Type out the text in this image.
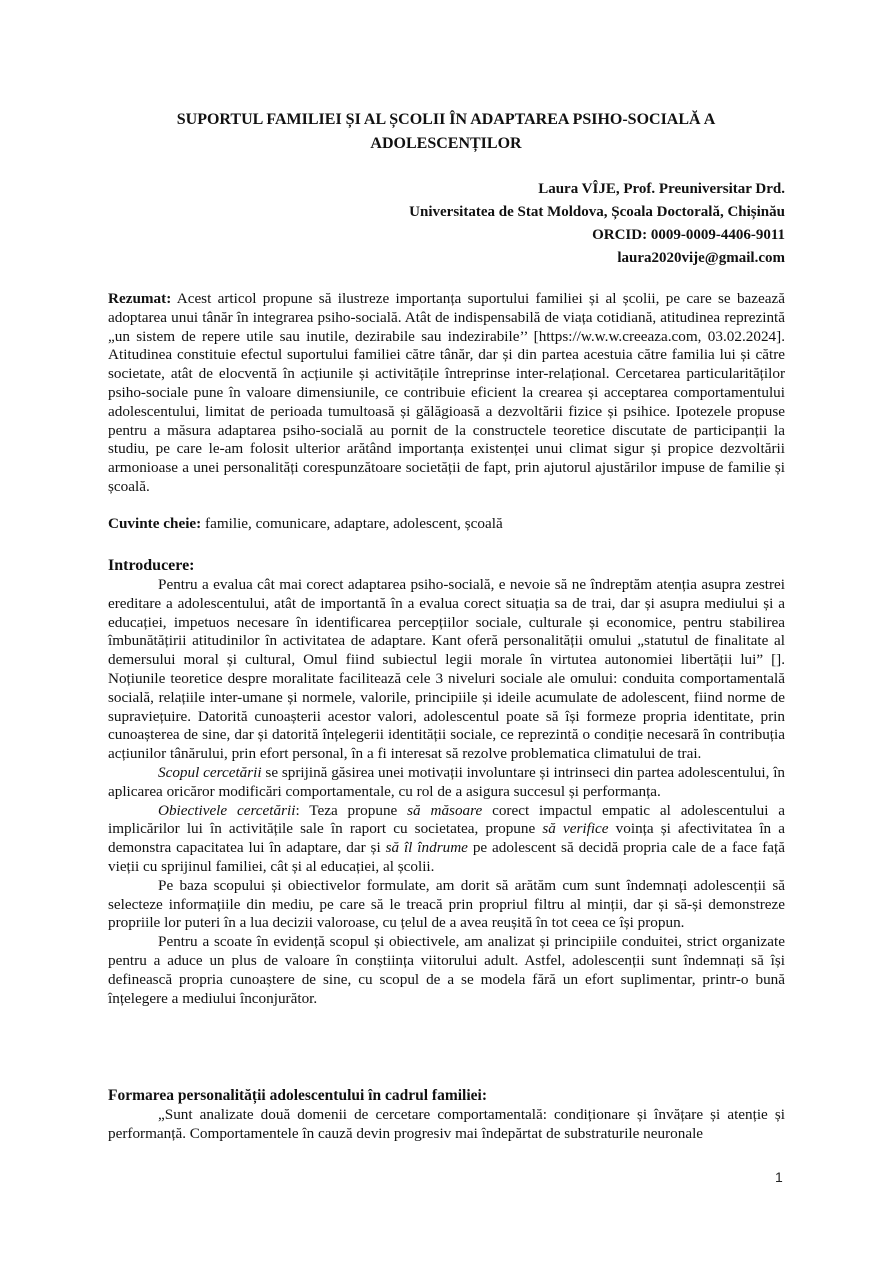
SUPORTUL FAMILIEI ȘI AL ȘCOLII ÎN ADAPTAREA PSIHO-SOCIALĂ A
ADOLESCENȚILOR
Laura VÎJE, Prof. Preuniversitar Drd.
Universitatea de Stat Moldova, Școala Doctorală, Chișinău
ORCID: 0009-0009-4406-9011
laura2020vije@gmail.com

Rezumat: Acest articol propune să ilustreze importanța suportului familiei și al școlii, pe care se bazează adoptarea unui tânăr în integrarea psiho-socială. Atât de indispensabilă de viața cotidiană, atitudinea reprezintă „un sistem de repere utile sau inutile, dezirabile sau indezirabile’’ [https://w.w.w.creeaza.com, 03.02.2024]. Atitudinea constituie efectul suportului familiei către tânăr, dar și din partea acestuia către familia lui și către societate, atât de elocventă în acțiunile și activitățile întreprinse inter-relațional. Cercetarea particularităților psiho-sociale pune în valoare dimensiunile, ce contribuie eficient la crearea și acceptarea comportamentului adolescentului, limitat de perioada tumultoasă și gălăgioasă a dezvoltării fizice și psihice. Ipotezele propuse pentru a măsura adaptarea psiho-socială au pornit de la constructele teoretice discutate de participanții la studiu, pe care le-am folosit ulterior arătând importanța existenței unui climat sigur și propice dezvoltării armonioase a unei personalități corespunzătoare societății de fapt, prin ajutorul ajustărilor impuse de familie și școală.

Cuvinte cheie: familie, comunicare, adaptare, adolescent, școală

Introducere:

Pentru a evalua cât mai corect adaptarea psiho-socială, e nevoie să ne îndreptăm atenția asupra zestrei ereditare a adolescentului, atât de importantă în a evalua corect situația sa de trai, dar și asupra mediului și a educației, impetuos necesare în identificarea percepțiilor sociale, culturale și economice, pentru stabilirea îmbunătățirii atitudinilor în activitatea de adaptare. Kant oferă personalității omului „statutul de finalitate al demersului moral și cultural, Omul fiind subiectul legii morale în virtutea autonomiei libertății lui” []. Noțiunile teoretice despre moralitate facilitează cele 3 niveluri sociale ale omului: conduita comportamentală socială, relațiile inter-umane și normele, valorile, principiile și ideile acumulate de adolescent, fiind norme de supraviețuire. Datorită cunoașterii acestor valori, adolescentul poate să își formeze propria identitate, prin cunoașterea de sine, dar și datorită înțelegerii identității sociale, ce reprezintă o condiție necesară în contribuția acțiunilor tânărului, prin efort personal, în a fi interesat să rezolve problematica climatului de trai.

Scopul cercetării se sprijină găsirea unei motivații involuntare și intrinseci din partea adolescentului, în aplicarea oricăror modificări comportamentale, cu rol de a asigura succesul și performanța.

Obiectivele cercetării: Teza propune să măsoare corect impactul empatic al adolescentului a implicărilor lui în activitățile sale în raport cu societatea, propune să verifice voința și afectivitatea în a demonstra capacitatea lui în adaptare, dar și să îl îndrume pe adolescent să decidă propria cale de a face față vieții cu sprijinul familiei, cât și al educației, al școlii.

Pe baza scopului și obiectivelor formulate, am dorit să arătăm cum sunt îndemnați adolescenții să selecteze informațiile din mediu, pe care să le treacă prin propriul filtru al minții, dar și să-și demonstreze propriile lor puteri în a lua decizii valoroase, cu țelul de a avea reușită în tot ceea ce își propun.

Pentru a scoate în evidență scopul și obiectivele, am analizat și principiile conduitei, strict organizate pentru a aduce un plus de valoare în conștiința viitorului adult. Astfel, adolescenții sunt îndemnați să își definească propria cunoaștere de sine, cu scopul de a se modela fără un efort suplimentar, printr-o bună înțelegere a mediului înconjurător.

Formarea personalității adolescentului în cadrul familiei:

„Sunt analizate două domenii de cercetare comportamentală: condiționare și învățare și atenție și performanță. Comportamentele în cauză devin progresiv mai îndepărtat de substraturile neuronale

1
